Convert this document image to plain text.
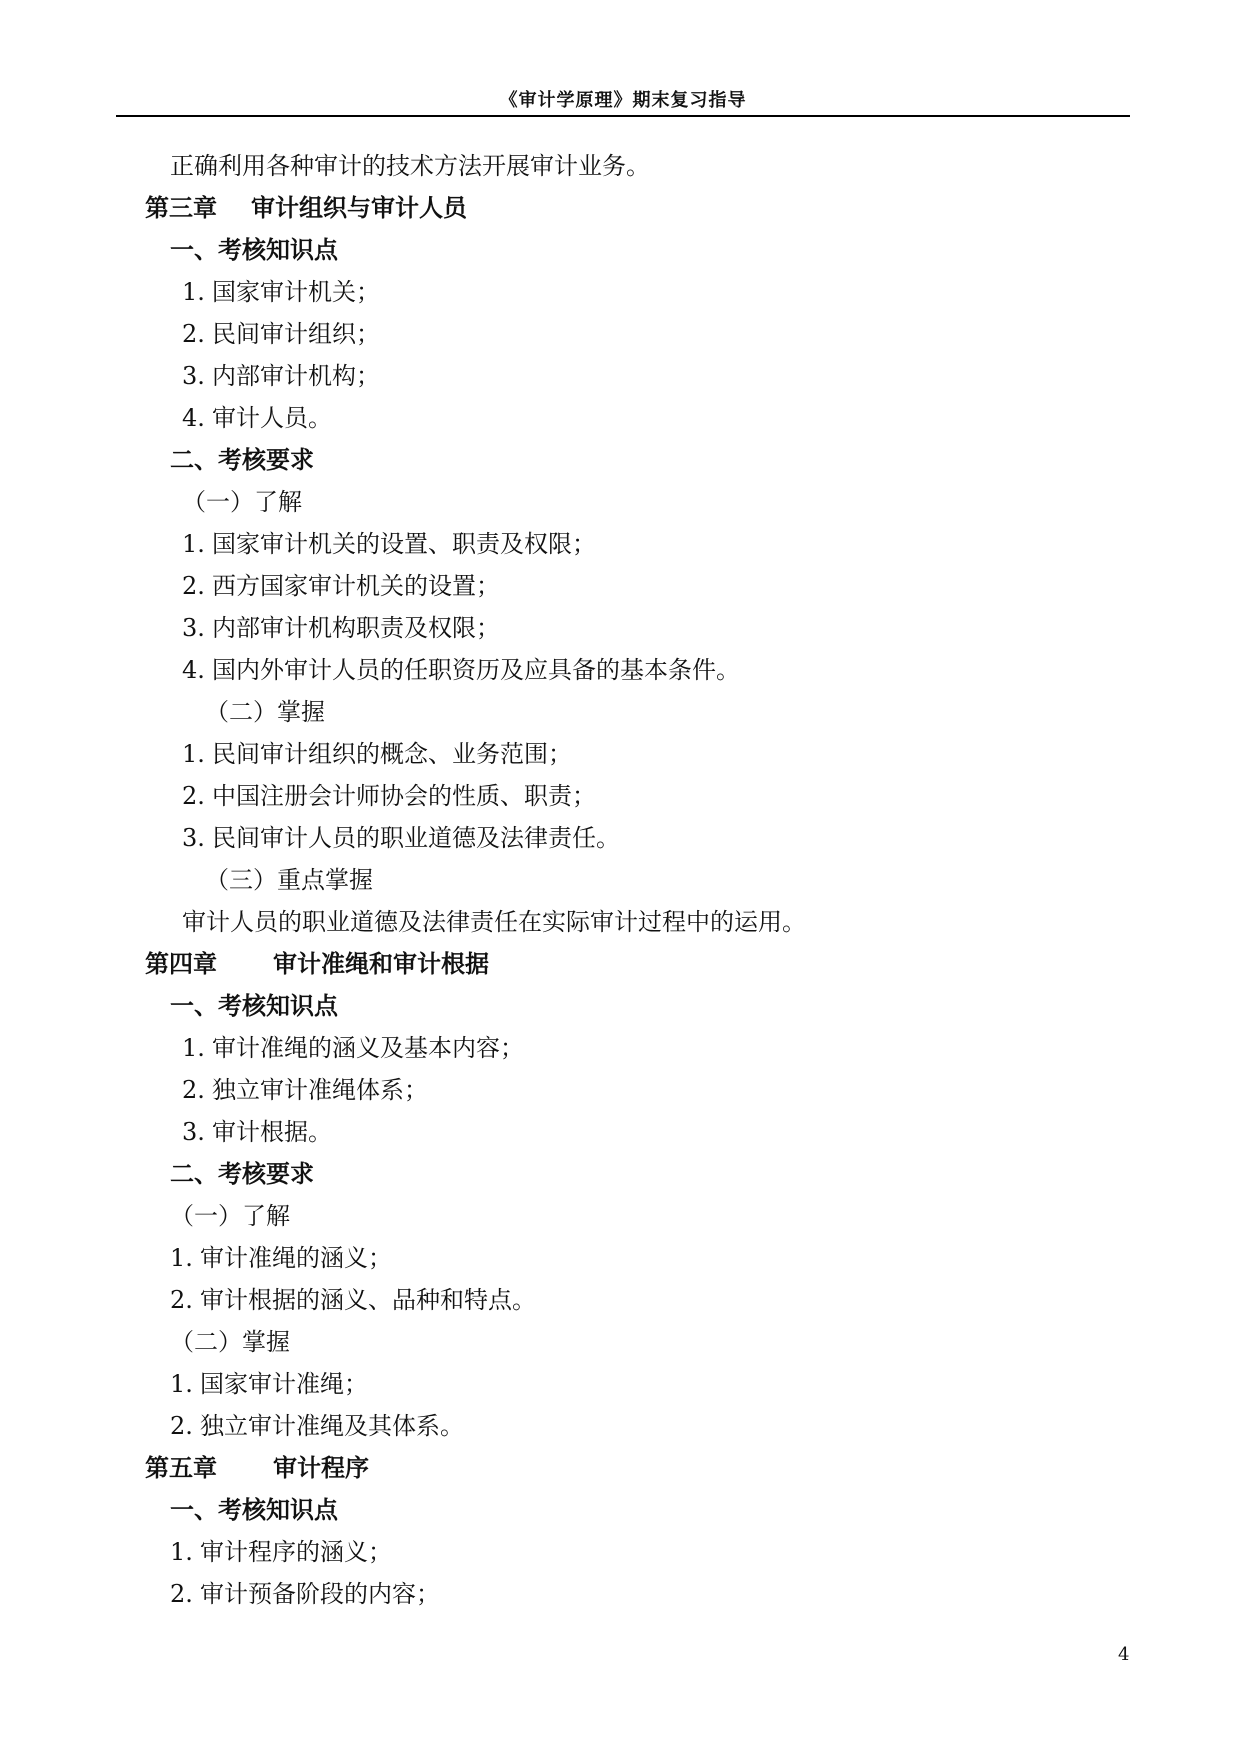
《审计学原理》期末复习指导
正确利用各种审计的技术方法开展审计业务。
第三章 审计组织与审计人员
一、考核知识点
1. 国家审计机关；
2. 民间审计组织；
3. 内部审计机构；
4. 审计人员。
二、考核要求
（一）了解
1. 国家审计机关的设置、职责及权限；
2. 西方国家审计机关的设置；
3. 内部审计机构职责及权限；
4. 国内外审计人员的任职资历及应具备的基本条件。
（二）掌握
1. 民间审计组织的概念、业务范围；
2. 中国注册会计师协会的性质、职责；
3. 民间审计人员的职业道德及法律责任。
（三）重点掌握
审计人员的职业道德及法律责任在实际审计过程中的运用。
第四章 审计准绳和审计根据
一、考核知识点
1. 审计准绳的涵义及基本内容；
2. 独立审计准绳体系；
3. 审计根据。
二、考核要求
（一）了解
1. 审计准绳的涵义；
2. 审计根据的涵义、品种和特点。
（二）掌握
1. 国家审计准绳；
2. 独立审计准绳及其体系。
第五章 审计程序
一、考核知识点
1. 审计程序的涵义；
2. 审计预备阶段的内容；
4
